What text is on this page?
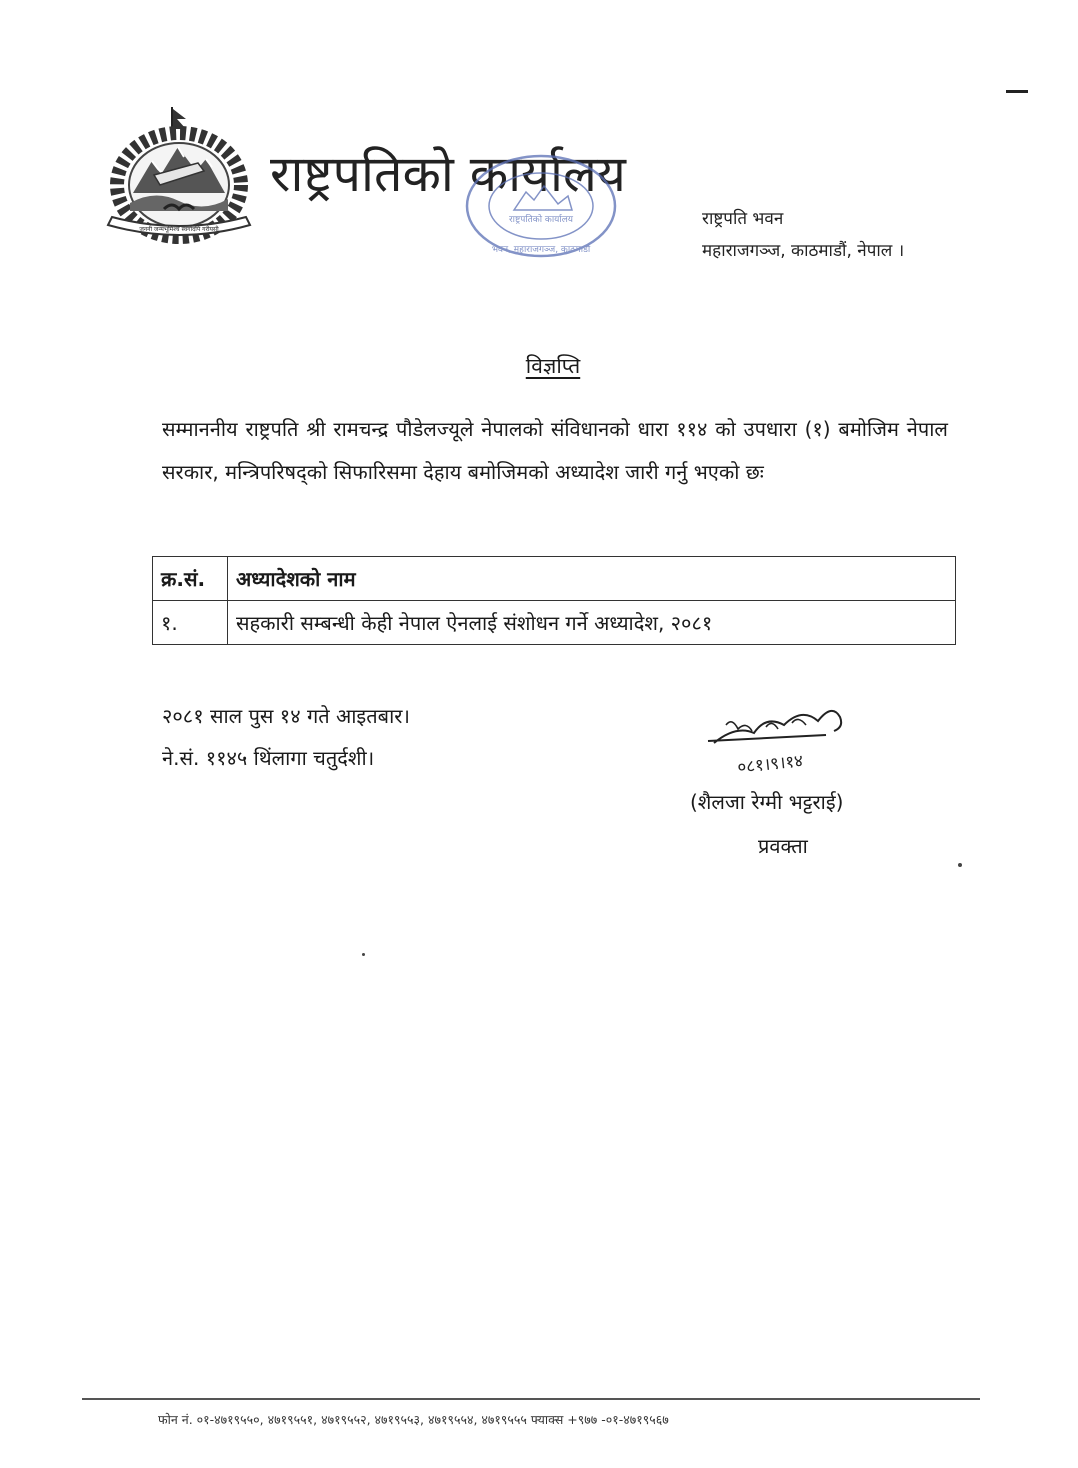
जननी जन्मभूमिश्च स्वर्गादपि गरीयसी
राष्ट्रपतिको कार्यालय
राष्ट्रपतिको कार्यालय
भवन, महाराजगञ्ज, काठमाडौं
राष्ट्रपति भवन
महाराजगञ्ज, काठमाडौं, नेपाल ।
विज्ञप्ति
सम्माननीय राष्ट्रपति श्री रामचन्द्र पौडेलज्यूले नेपालको संविधानको धारा ११४ को उपधारा (१) बमोजिम नेपाल सरकार, मन्त्रिपरिषद्को सिफारिसमा देहाय बमोजिमको अध्यादेश जारी गर्नु भएको छः
क्र.सं.	अध्यादेशको नाम
१.	सहकारी सम्बन्धी केही नेपाल ऐनलाई संशोधन गर्ने अध्यादेश, २०८१
२०८१ साल पुस १४ गते आइतबार।
ने.सं. ११४५ थिंलागा चतुर्दशी।	०८१।९।१४
(शैलजा रेग्मी भट्टराई)
प्रवक्ता
फोन नं. ०१-४७१९५५०, ४७१९५५१, ४७१९५५२, ४७१९५५३, ४७१९५५४, ४७१९५५५ फ्याक्स +९७७ -०१-४७१९५६७
